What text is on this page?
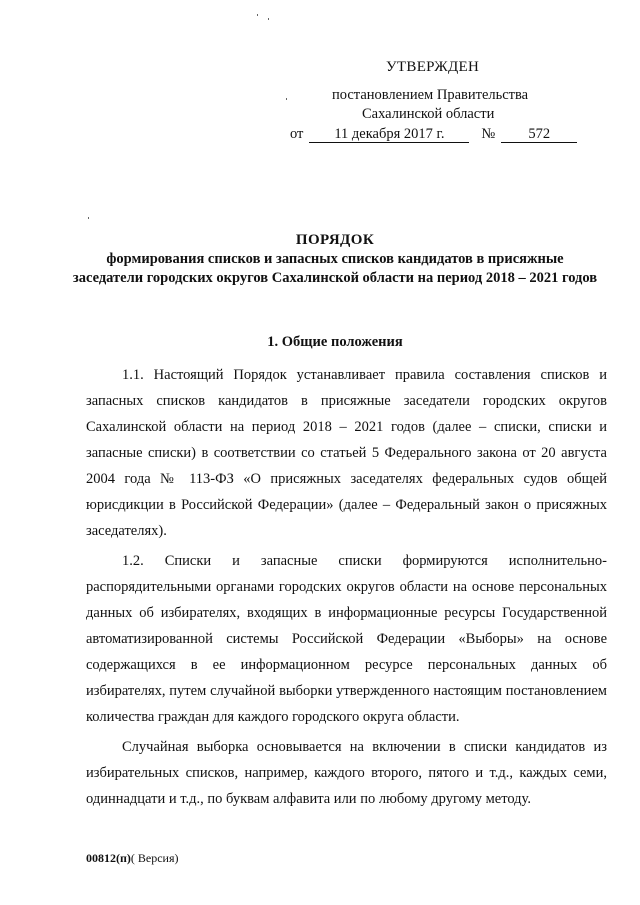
УТВЕРЖДЕН
постановлением Правительства
Сахалинской области
от 11 декабря 2017 г.	№ 572
ПОРЯДОК
формирования списков и запасных списков кандидатов в присяжные заседатели городских округов Сахалинской области на период 2018 – 2021 годов
1. Общие положения

1.1. Настоящий Порядок устанавливает правила составления списков и запасных списков кандидатов в присяжные заседатели городских округов Сахалинской области на период 2018 – 2021 годов (далее – списки, списки и запасные списки) в соответствии со статьей 5 Федерального закона от 20 августа 2004 года № 113-ФЗ «О присяжных заседателях федеральных судов общей юрисдикции в Российской Федерации» (далее – Федеральный закон о присяжных заседателях).

1.2. Списки и запасные списки формируются исполнительно-распорядительными органами городских округов области на основе персональных данных об избирателях, входящих в информационные ресурсы Государственной автоматизированной системы Российской Федерации «Выборы» на основе содержащихся в ее информационном ресурсе персональных данных об избирателях, путем случайной выборки утвержденного настоящим постановлением количества граждан для каждого городского округа области.

Случайная выборка основывается на включении в списки кандидатов из избирательных списков, например, каждого второго, пятого и т.д., каждых семи, одиннадцати и т.д., по буквам алфавита или по любому другому методу.

00812(п)( Версия)
